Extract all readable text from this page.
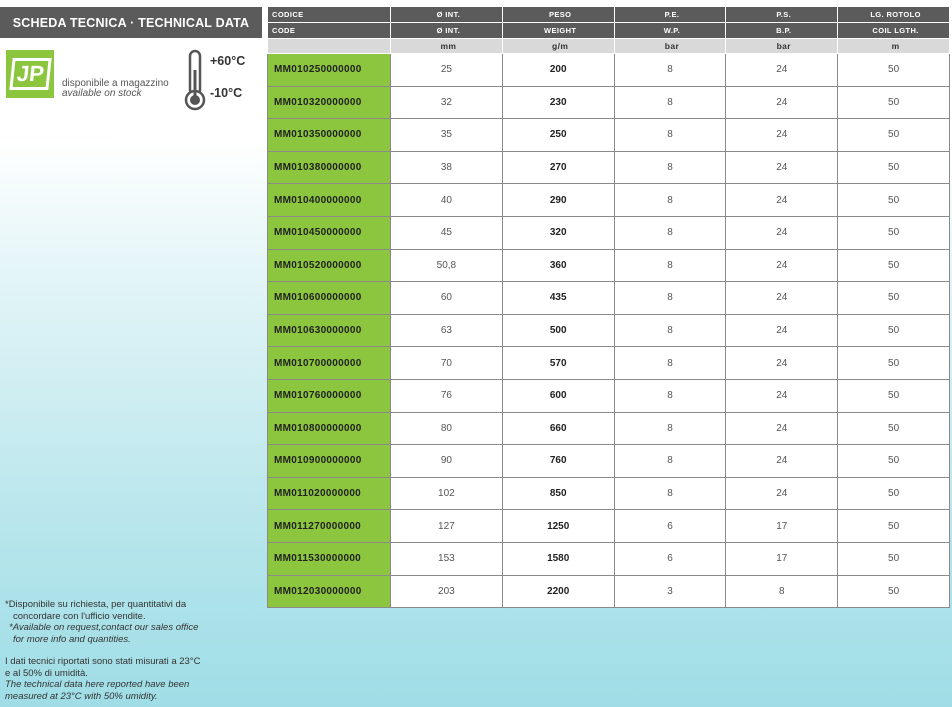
SCHEDA TECNICA · TECHNICAL DATA
JP	disponibile a magazzino
available on stock
+60°C
-10°C
CODICE	Ø INT.	PESO	P.E.	P.S.	LG. ROTOLO
CODE	Ø INT.	WEIGHT	W.P.	B.P.	COIL LGTH.
	mm	g/m	bar	bar	m
MM010250000000	25	200	8	24	50
MM010320000000	32	230	8	24	50
MM010350000000	35	250	8	24	50
MM010380000000	38	270	8	24	50
MM010400000000	40	290	8	24	50
MM010450000000	45	320	8	24	50
MM010520000000	50,8	360	8	24	50
MM010600000000	60	435	8	24	50
MM010630000000	63	500	8	24	50
MM010700000000	70	570	8	24	50
MM010760000000	76	600	8	24	50
MM010800000000	80	660	8	24	50
MM010900000000	90	760	8	24	50
MM011020000000	102	850	8	24	50
MM011270000000	127	1250	6	17	50
MM011530000000	153	1580	6	17	50
MM012030000000	203	2200	3	8	50

*Disponibile su richiesta, per quantitativi da

concordare con l'ufficio vendite.

*Available on request,contact our sales office

for more info and quantities.

I dati tecnici riportati sono stati misurati a 23°C

e al 50% di umidità.

The technical data here reported have been

measured at 23°C with 50% umidity.
